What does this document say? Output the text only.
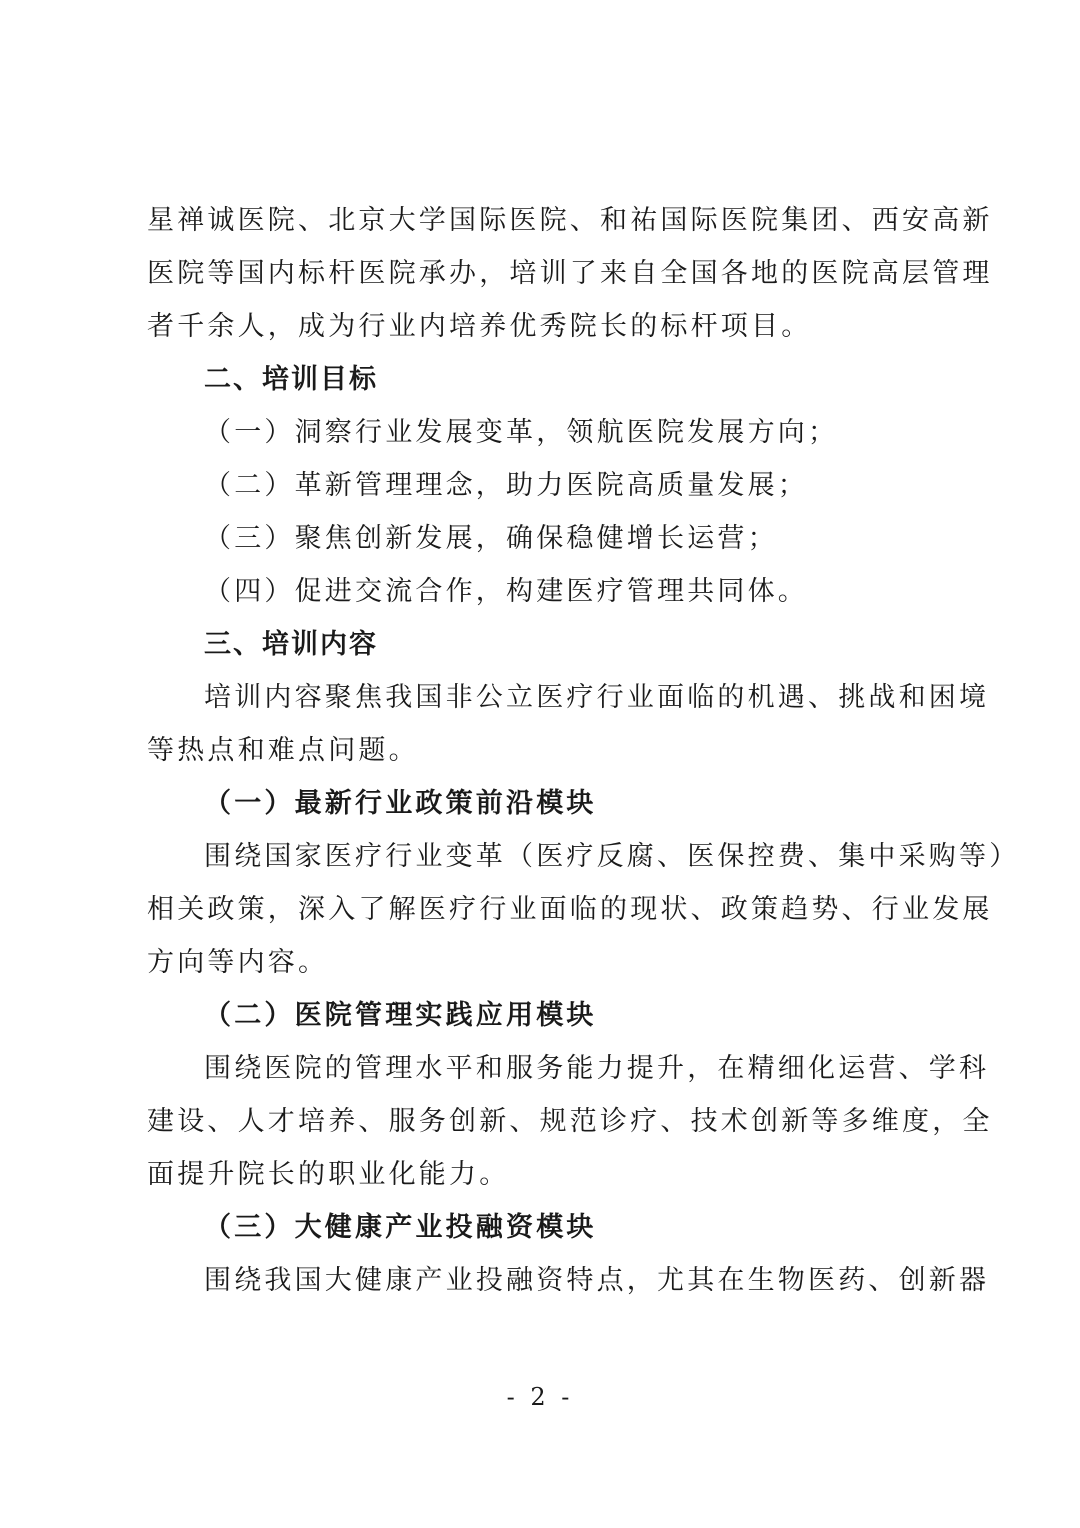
星禅诚医院、北京大学国际医院、和祐国际医院集团、西安高新
医院等国内标杆医院承办，培训了来自全国各地的医院高层管理
者千余人，成为行业内培养优秀院长的标杆项目。
二、培训目标
（一）洞察行业发展变革，领航医院发展方向；
（二）革新管理理念，助力医院高质量发展；
（三）聚焦创新发展，确保稳健增长运营；
（四）促进交流合作，构建医疗管理共同体。
三、培训内容
培训内容聚焦我国非公立医疗行业面临的机遇、挑战和困境
等热点和难点问题。
（一）最新行业政策前沿模块
围绕国家医疗行业变革（医疗反腐、医保控费、集中采购等）
相关政策，深入了解医疗行业面临的现状、政策趋势、行业发展
方向等内容。
（二）医院管理实践应用模块
围绕医院的管理水平和服务能力提升，在精细化运营、学科
建设、人才培养、服务创新、规范诊疗、技术创新等多维度，全
面提升院长的职业化能力。
（三）大健康产业投融资模块
围绕我国大健康产业投融资特点，尤其在生物医药、创新器
- 2 -
